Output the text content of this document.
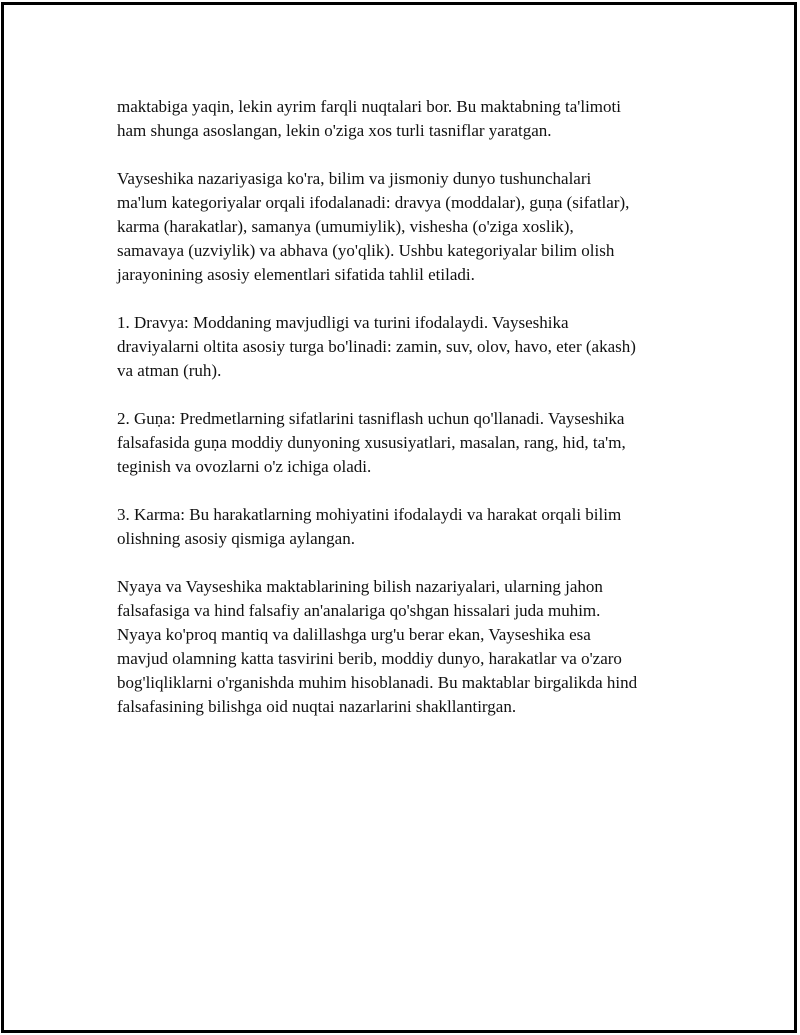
maktabiga yaqin, lekin ayrim farqli nuqtalari bor. Bu maktabning ta'limoti
ham shunga asoslangan, lekin o'ziga xos turli tasniflar yaratgan.
Vayseshika nazariyasiga ko'ra, bilim va jismoniy dunyo tushunchalari
ma'lum kategoriyalar orqali ifodalanadi: dravya (moddalar), guṇa (sifatlar),
karma (harakatlar), samanya (umumiylik), vishesha (o'ziga xoslik),
samavaya (uzviylik) va abhava (yo'qlik). Ushbu kategoriyalar bilim olish
jarayonining asosiy elementlari sifatida tahlil etiladi.
1. Dravya: Moddaning mavjudligi va turini ifodalaydi. Vayseshika
draviyalarni oltita asosiy turga bo'linadi: zamin, suv, olov, havo, eter (akash)
va atman (ruh).
2. Guṇa: Predmetlarning sifatlarini tasniflash uchun qo'llanadi. Vayseshika
falsafasida guṇa moddiy dunyoning xususiyatlari, masalan, rang, hid, ta'm,
teginish va ovozlarni o'z ichiga oladi.
3. Karma: Bu harakatlarning mohiyatini ifodalaydi va harakat orqali bilim
olishning asosiy qismiga aylangan.
Nyaya va Vayseshika maktablarining bilish nazariyalari, ularning jahon
falsafasiga va hind falsafiy an'analariga qo'shgan hissalari juda muhim.
Nyaya ko'proq mantiq va dalillashga urg'u berar ekan, Vayseshika esa
mavjud olamning katta tasvirini berib, moddiy dunyo, harakatlar va o'zaro
bog'liqliklarni o'rganishda muhim hisoblanadi. Bu maktablar birgalikda hind
falsafasining bilishga oid nuqtai nazarlarini shakllantirgan.
